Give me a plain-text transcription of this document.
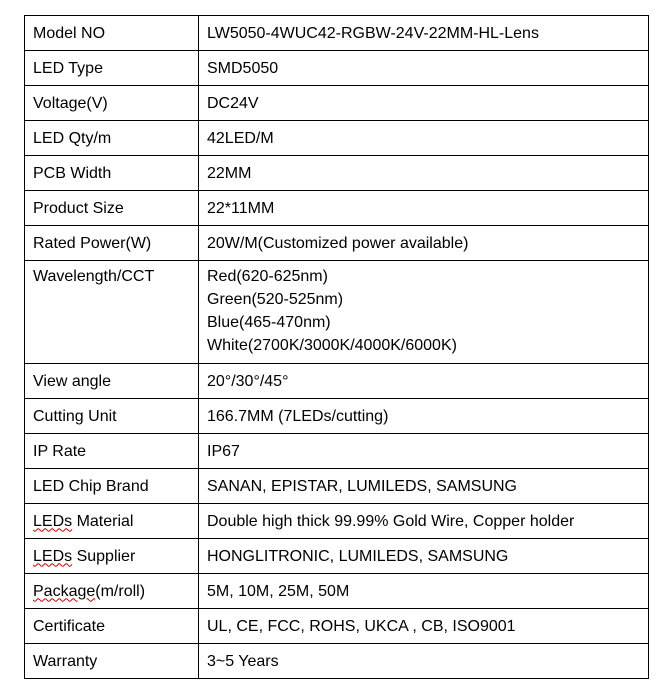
Model NO	LW5050-4WUC42-RGBW-24V-22MM-HL-Lens
LED Type	SMD5050
Voltage(V)	DC24V
LED Qty/m	42LED/M
PCB Width	22MM
Product Size	22*11MM
Rated Power(W)	20W/M(Customized power available)
Wavelength/CCT	Red(620-625nm)
Green(520-525nm)
Blue(465-470nm)
White(2700K/3000K/4000K/6000K)

View angle	20°/30°/45°
Cutting Unit	166.7MM (7LEDs/cutting)
IP Rate	IP67
LED Chip Brand	SANAN, EPISTAR, LUMILEDS, SAMSUNG
LEDs Material	Double high thick 99.99% Gold Wire, Copper holder
LEDs Supplier	HONGLITRONIC, LUMILEDS, SAMSUNG
Package(m/roll)	5M, 10M, 25M, 50M
Certificate	UL, CE, FCC, ROHS, UKCA , CB, ISO9001
Warranty	3~5 Years
